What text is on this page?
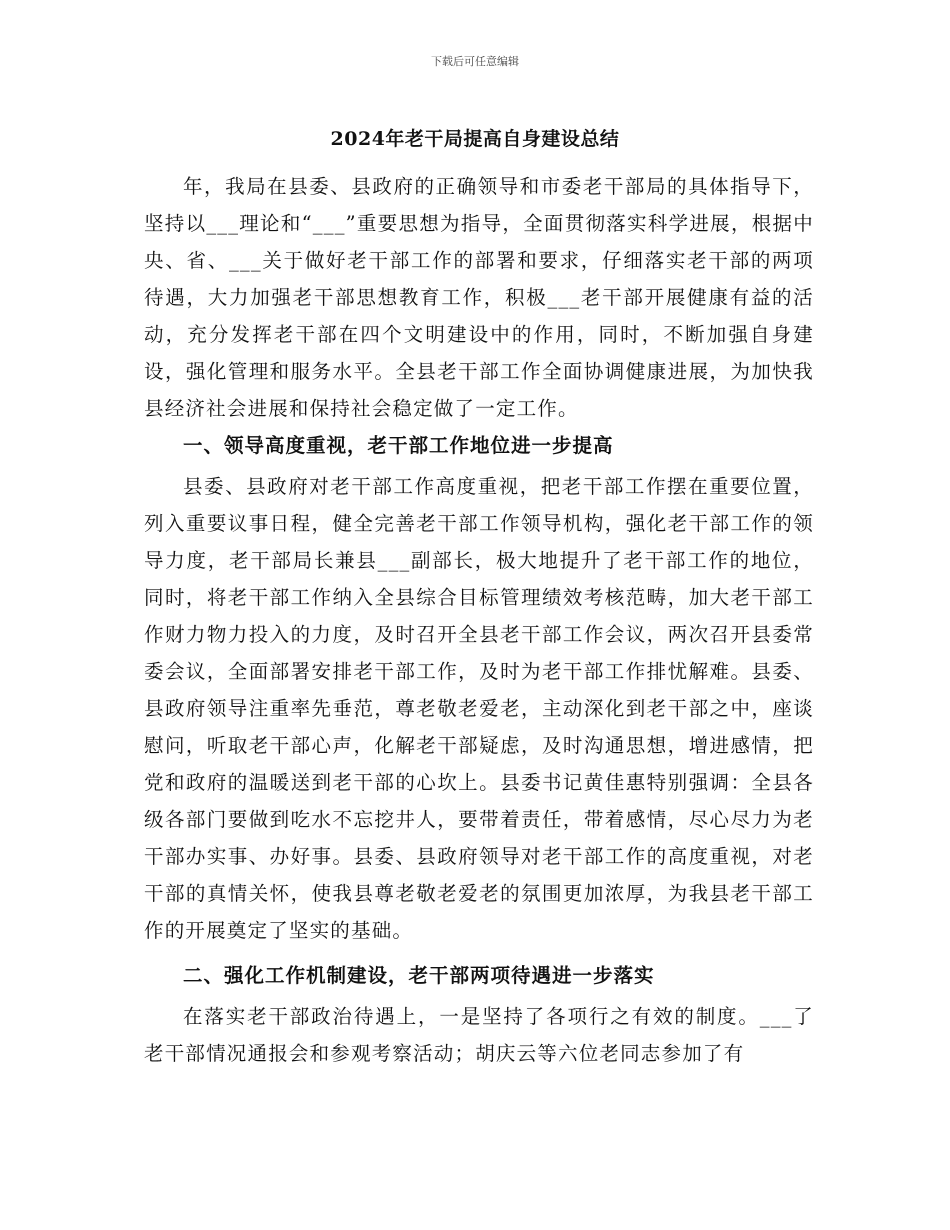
下载后可任意编辑
2024年老干局提高自身建设总结

年，我局在县委、县政府的正确领导和市委老干部局的具体指导下，坚持以___理论和“___”重要思想为指导，全面贯彻落实科学进展，根据中央、省、___关于做好老干部工作的部署和要求，仔细落实老干部的两项待遇，大力加强老干部思想教育工作，积极___老干部开展健康有益的活动，充分发挥老干部在四个文明建设中的作用，同时，不断加强自身建设，强化管理和服务水平。全县老干部工作全面协调健康进展，为加快我县经济社会进展和保持社会稳定做了一定工作。

一、领导高度重视，老干部工作地位进一步提高

县委、县政府对老干部工作高度重视，把老干部工作摆在重要位置，列入重要议事日程，健全完善老干部工作领导机构，强化老干部工作的领导力度，老干部局长兼县___副部长，极大地提升了老干部工作的地位，同时，将老干部工作纳入全县综合目标管理绩效考核范畴，加大老干部工作财力物力投入的力度，及时召开全县老干部工作会议，两次召开县委常委会议，全面部署安排老干部工作，及时为老干部工作排忧解难。县委、县政府领导注重率先垂范，尊老敬老爱老，主动深化到老干部之中，座谈慰问，听取老干部心声，化解老干部疑虑，及时沟通思想，增进感情，把党和政府的温暖送到老干部的心坎上。县委书记黄佳惠特别强调：全县各级各部门要做到吃水不忘挖井人，要带着责任，带着感情，尽心尽力为老干部办实事、办好事。县委、县政府领导对老干部工作的高度重视，对老干部的真情关怀，使我县尊老敬老爱老的氛围更加浓厚，为我县老干部工作的开展奠定了坚实的基础。

二、强化工作机制建设，老干部两项待遇进一步落实

在落实老干部政治待遇上，一是坚持了各项行之有效的制度。___了老干部情况通报会和参观考察活动；胡庆云等六位老同志参加了有
